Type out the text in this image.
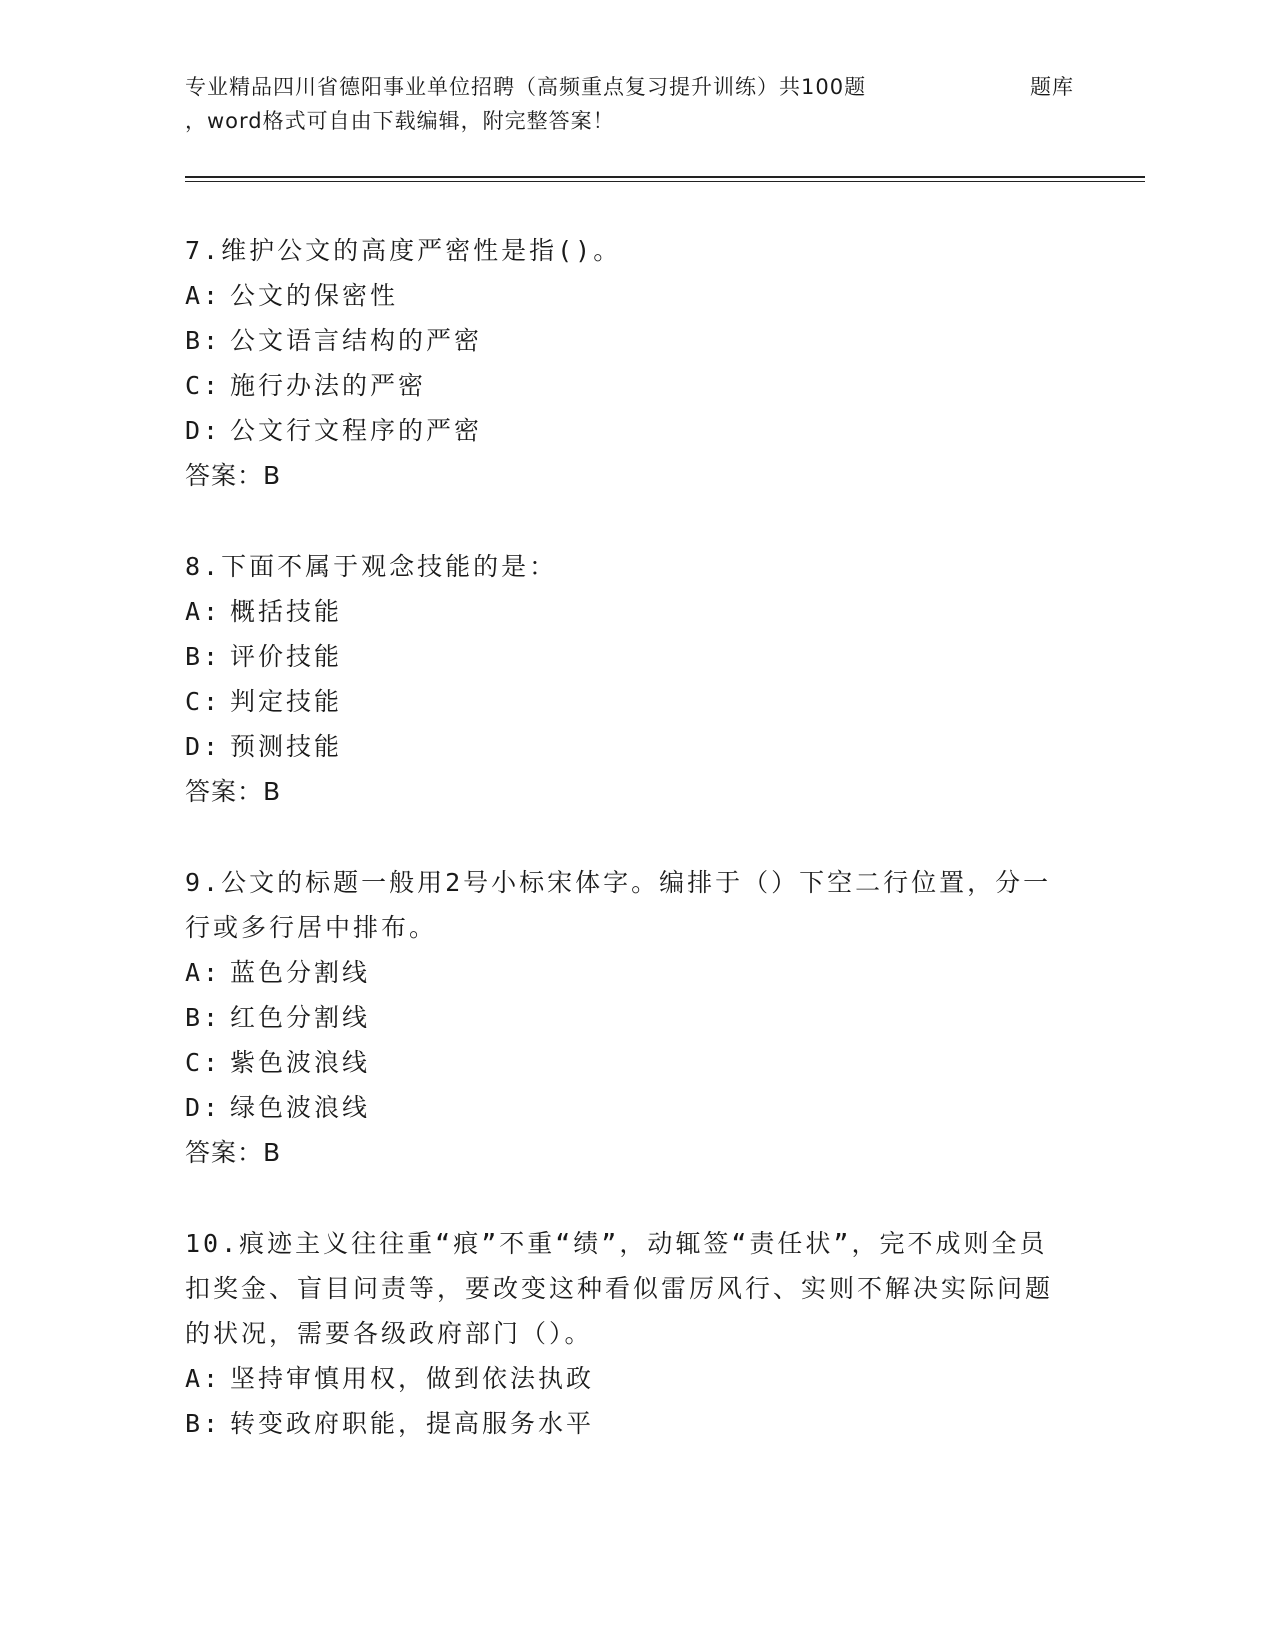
专业精品四川省德阳事业单位招聘（高频重点复习提升训练）共100题	题库
，word格式可自由下载编辑，附完整答案！
7.维护公文的高度严密性是指()。
A: 公文的保密性
B: 公文语言结构的严密
C: 施行办法的严密
D: 公文行文程序的严密
答案：B
8.下面不属于观念技能的是：
A: 概括技能
B: 评价技能
C: 判定技能
D: 预测技能
答案：B
9.公文的标题一般用2号小标宋体字。编排于（）下空二行位置，分一行或多行居中排布。
A: 蓝色分割线
B: 红色分割线
C: 紫色波浪线
D: 绿色波浪线
答案：B
10.痕迹主义往往重“痕”不重“绩”，动辄签“责任状”，完不成则全员扣奖金、盲目问责等，要改变这种看似雷厉风行、实则不解决实际问题的状况，需要各级政府部门（）。
A: 坚持审慎用权，做到依法执政
B: 转变政府职能，提高服务水平
